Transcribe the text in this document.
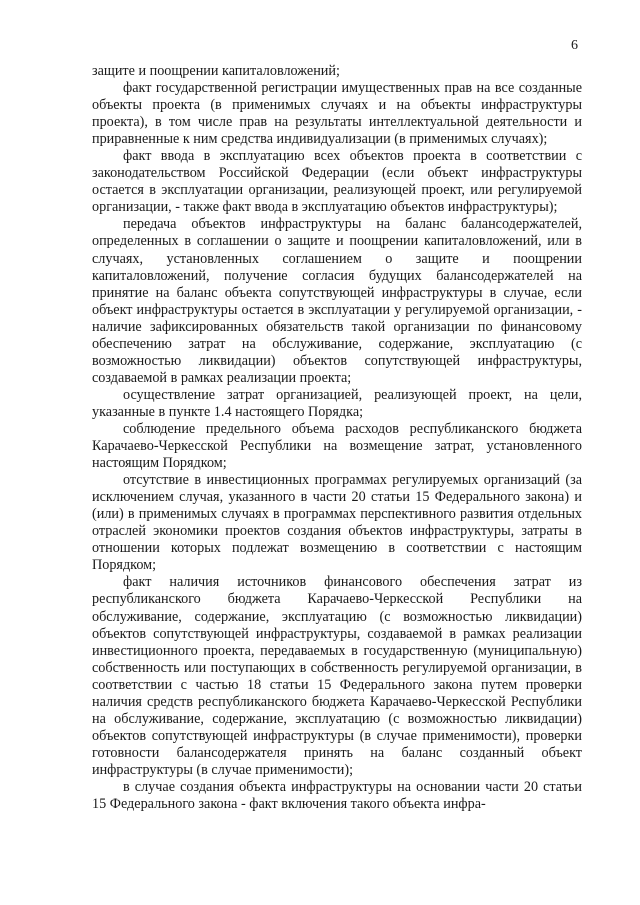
6

защите и поощрении капиталовложений;

факт государственной регистрации имущественных прав на все созданные объекты проекта (в применимых случаях и на объекты инфраструктуры проекта), в том числе прав на результаты интеллектуальной деятельности и приравненные к ним средства индивидуализации (в применимых случаях);

факт ввода в эксплуатацию всех объектов проекта в соответствии с законодательством Российской Федерации (если объект инфраструктуры остается в эксплуатации организации, реализующей проект, или регулируемой организации, - также факт ввода в эксплуатацию объектов инфраструктуры);

передача объектов инфраструктуры на баланс балансодержателей, определенных в соглашении о защите и поощрении капиталовложений, или в случаях, установленных соглашением о защите и поощрении капиталовложений, получение согласия будущих балансодержателей на принятие на баланс объекта сопутствующей инфраструктуры в случае, если объект инфраструктуры остается в эксплуатации у регулируемой организации, - наличие зафиксированных обязательств такой организации по финансовому обеспечению затрат на обслуживание, содержание, эксплуатацию (с возможностью ликвидации) объектов сопутствующей инфраструктуры, создаваемой в рамках реализации проекта;

осуществление затрат организацией, реализующей проект, на цели, указанные в пункте 1.4 настоящего Порядка;

соблюдение предельного объема расходов республиканского бюджета Карачаево-Черкесской Республики на возмещение затрат, установленного настоящим Порядком;

отсутствие в инвестиционных программах регулируемых организаций (за исключением случая, указанного в части 20 статьи 15 Федерального закона) и (или) в применимых случаях в программах перспективного развития отдельных отраслей экономики проектов создания объектов инфраструктуры, затраты в отношении которых подлежат возмещению в соответствии с настоящим Порядком;

факт наличия источников финансового обеспечения затрат из республиканского бюджета Карачаево-Черкесской Республики на обслуживание, содержание, эксплуатацию (с возможностью ликвидации) объектов сопутствующей инфраструктуры, создаваемой в рамках реализации инвестиционного проекта, передаваемых в государственную (муниципальную) собственность или поступающих в собственность регулируемой организации, в соответствии с частью 18 статьи 15 Федерального закона путем проверки наличия средств республиканского бюджета Карачаево-Черкесской Республики на обслуживание, содержание, эксплуатацию (с возможностью ликвидации) объектов сопутствующей инфраструктуры (в случае применимости), проверки готовности балансодержателя принять на баланс созданный объект инфраструктуры (в случае применимости);

в случае создания объекта инфраструктуры на основании части 20 статьи 15 Федерального закона - факт включения такого объекта инфра-
